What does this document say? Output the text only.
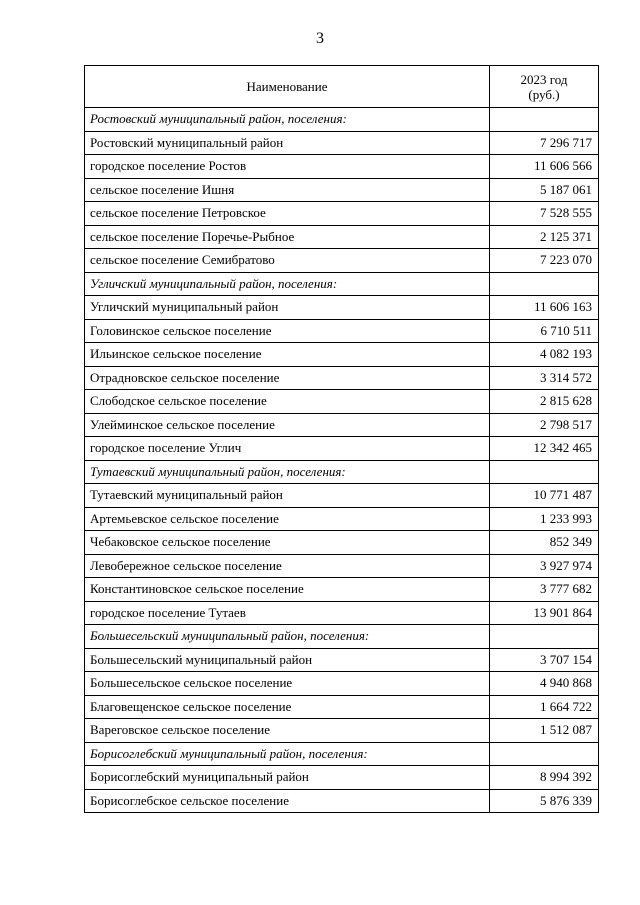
3
Наименование	2023 год
(руб.)
Ростовский муниципальный район, поселения:	
Ростовский муниципальный район	7 296 717
городское поселение Ростов	11 606 566
сельское поселение Ишня	5 187 061
сельское поселение Петровское	7 528 555
сельское поселение Поречье-Рыбное	2 125 371
сельское поселение Семибратово	7 223 070
Угличский муниципальный район, поселения:	
Угличский муниципальный район	11 606 163
Головинское сельское поселение	6 710 511
Ильинское сельское поселение	4 082 193
Отрадновское сельское поселение	3 314 572
Слободское сельское поселение	2 815 628
Улейминское сельское поселение	2 798 517
городское поселение Углич	12 342 465
Тутаевский муниципальный район, поселения:	
Тутаевский муниципальный район	10 771 487
Артемьевское сельское поселение	1 233 993
Чебаковское сельское поселение	852 349
Левобережное сельское поселение	3 927 974
Константиновское сельское поселение	3 777 682
городское поселение Тутаев	13 901 864
Большесельский муниципальный район, поселения:	
Большесельский муниципальный район	3 707 154
Большесельское сельское поселение	4 940 868
Благовещенское сельское поселение	1 664 722
Вареговское сельское поселение	1 512 087
Борисоглебский муниципальный район, поселения:	
Борисоглебский муниципальный район	8 994 392
Борисоглебское сельское поселение	5 876 339
